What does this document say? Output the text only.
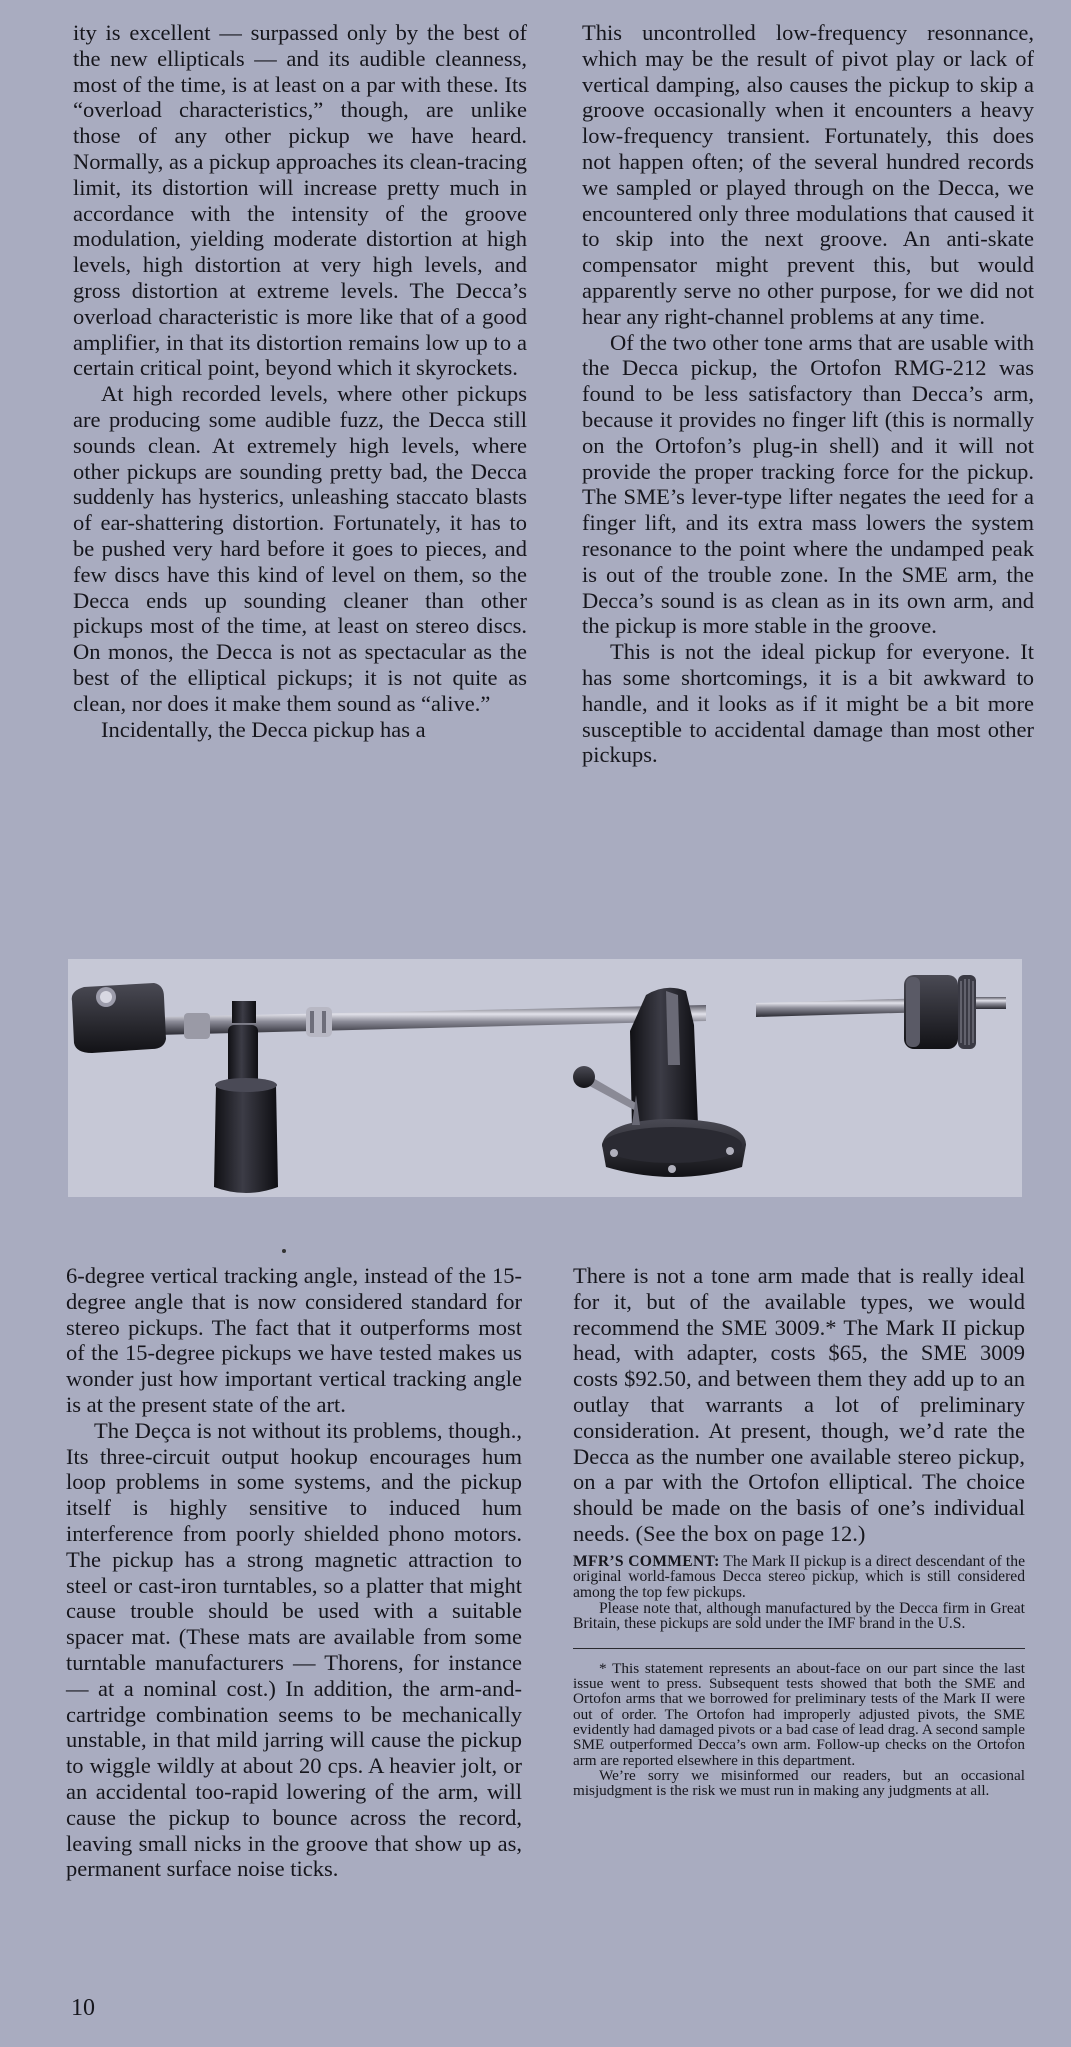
ity is excellent — surpassed only by the best of the new ellipticals — and its audible cleanness, most of the time, is at least on a par with these. Its “overload characteristics,” though, are unlike those of any other pickup we have heard. Normally, as a pickup approaches its clean-tracing limit, its distortion will increase pretty much in accordance with the intensity of the groove modulation, yielding moderate distortion at high levels, high distortion at very high levels, and gross distortion at extreme levels. The Decca’s overload characteristic is more like that of a good amplifier, in that its distortion remains low up to a certain critical point, beyond which it skyrockets.

At high recorded levels, where other pickups are producing some audible fuzz, the Decca still sounds clean. At extremely high levels, where other pickups are sounding pretty bad, the Decca suddenly has hysterics, unleashing staccato blasts of ear-shattering distortion. Fortunately, it has to be pushed very hard before it goes to pieces, and few discs have this kind of level on them, so the Decca ends up sounding cleaner than other pickups most of the time, at least on stereo discs. On monos, the Decca is not as spectacular as the best of the elliptical pickups; it is not quite as clean, nor does it make them sound as “alive.”

Incidentally, the Decca pickup has a

This uncontrolled low-frequency resonnance, which may be the result of pivot play or lack of vertical damping, also causes the pickup to skip a groove occasionally when it encounters a heavy low-frequency transient. Fortunately, this does not happen often; of the several hundred records we sampled or played through on the Decca, we encountered only three modulations that caused it to skip into the next groove. An anti-skate compensator might prevent this, but would apparently serve no other purpose, for we did not hear any right-channel problems at any time.

Of the two other tone arms that are usable with the Decca pickup, the Ortofon RMG-212 was found to be less satisfactory than Decca’s arm, because it provides no finger lift (this is normally on the Ortofon’s plug-in shell) and it will not provide the proper tracking force for the pickup. The SME’s lever-type lifter negates the ıeed for a finger lift, and its extra mass lowers the system resonance to the point where the undamped peak is out of the trouble zone. In the SME arm, the Decca’s sound is as clean as in its own arm, and the pickup is more stable in the groove.

This is not the ideal pickup for everyone. It has some shortcomings, it is a bit awkward to handle, and it looks as if it might be a bit more susceptible to accidental damage than most other pickups.

6-degree vertical tracking angle, instead of the 15-degree angle that is now considered standard for stereo pickups. The fact that it outperforms most of the 15-degree pickups we have tested makes us wonder just how important vertical tracking angle is at the present state of the art.

The Deçca is not without its problems, though., Its three-circuit output hookup encourages hum loop problems in some systems, and the pickup itself is highly sensitive to induced hum interference from poorly shielded phono motors. The pickup has a strong magnetic attraction to steel or cast-iron turntables, so a platter that might cause trouble should be used with a suitable spacer mat. (These mats are available from some turntable manufacturers — Thorens, for instance — at a nominal cost.) In addition, the arm-and-cartridge combination seems to be mechanically unstable, in that mild jarring will cause the pickup to wiggle wildly at about 20 cps. A heavier jolt, or an accidental too-rapid lowering of the arm, will cause the pickup to bounce across the record, leaving small nicks in the groove that show up as, permanent surface noise ticks.

There is not a tone arm made that is really ideal for it, but of the available types, we would recommend the SME 3009.* The Mark II pickup head, with adapter, costs $65, the SME 3009 costs $92.50, and between them they add up to an outlay that warrants a lot of preliminary consideration. At present, though, we’d rate the Decca as the number one available stereo pickup, on a par with the Ortofon elliptical. The choice should be made on the basis of one’s individual needs. (See the box on page 12.)

MFR’S COMMENT: The Mark II pickup is a direct descendant of the original world-famous Decca stereo pickup, which is still considered among the top few pickups.

Please note that, although manufactured by the Decca firm in Great Britain, these pickups are sold under the IMF brand in the U.S.

* This statement represents an about-face on our part since the last issue went to press. Subsequent tests showed that both the SME and Ortofon arms that we borrowed for preliminary tests of the Mark II were out of order. The Ortofon had improperly adjusted pivots, the SME evidently had damaged pivots or a bad case of lead drag. A second sample SME outperformed Decca’s own arm. Follow-up checks on the Ortofon arm are reported elsewhere in this department.

We’re sorry we misinformed our readers, but an occasional misjudgment is the risk we must run in making any judgments at all.

10
